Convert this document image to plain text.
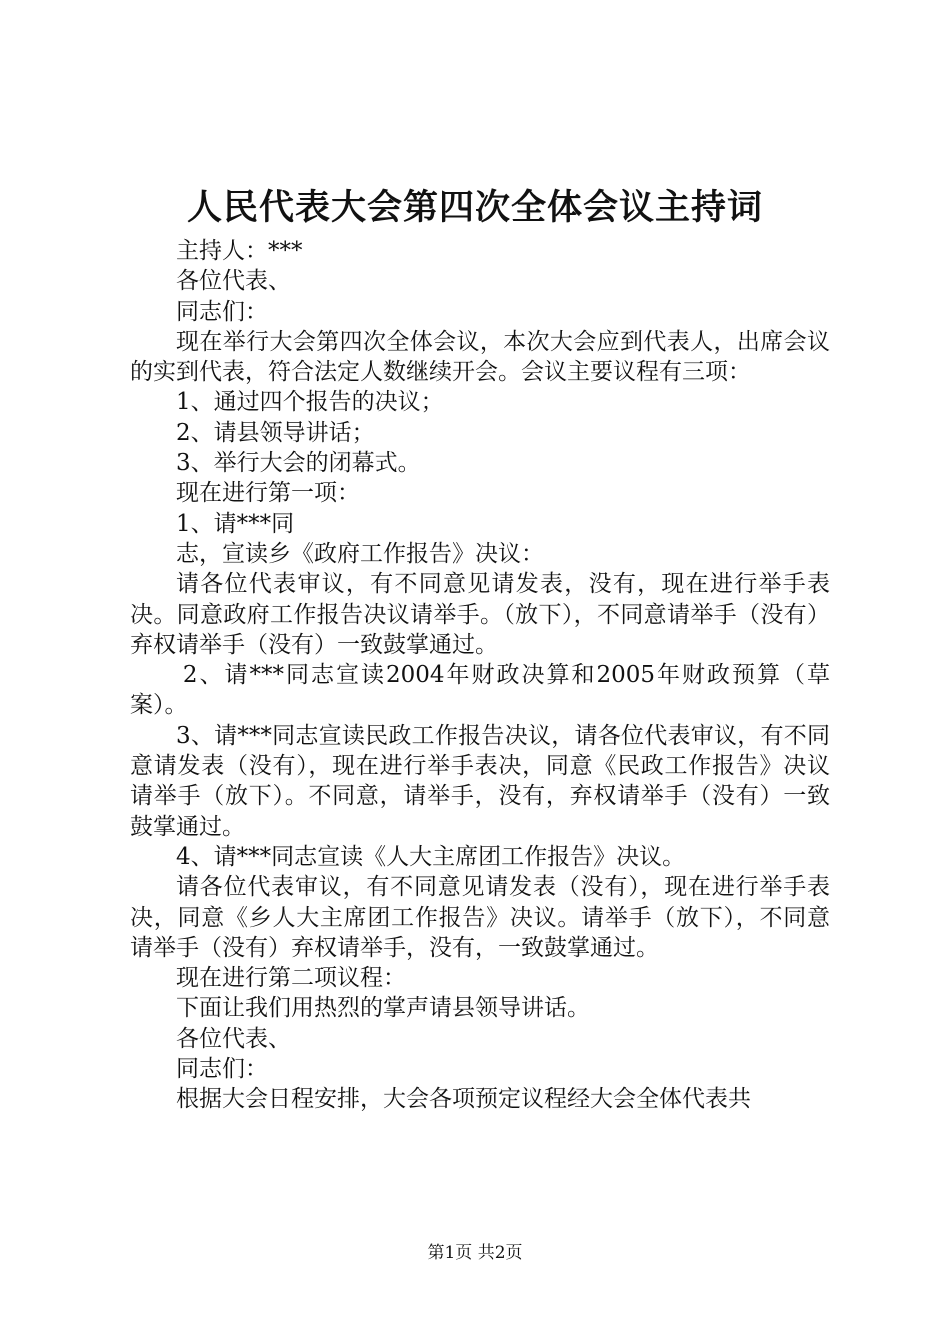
人民代表大会第四次全体会议主持词

主持人：***

各位代表、

同志们：

现在举行大会第四次全体会议，本次大会应到代表人，出席会议的实到代表，符合法定人数继续开会。会议主要议程有三项：

1、通过四个报告的决议；

2、请县领导讲话；

3、举行大会的闭幕式。

现在进行第一项：

1、请***同

志，宣读乡《政府工作报告》决议：

请各位代表审议，有不同意见请发表，没有，现在进行举手表决。同意政府工作报告决议请举手。（放下），不同意请举手（没有）弃权请举手（没有）一致鼓掌通过。

2、请***同志宣读2004年财政决算和2005年财政预算（草案）。

3、请***同志宣读民政工作报告决议，请各位代表审议，有不同意请发表（没有），现在进行举手表决，同意《民政工作报告》决议请举手（放下）。不同意，请举手，没有，弃权请举手（没有）一致鼓掌通过。

4、请***同志宣读《人大主席团工作报告》决议。

请各位代表审议，有不同意见请发表（没有），现在进行举手表决，同意《乡人大主席团工作报告》决议。请举手（放下），不同意请举手（没有）弃权请举手，没有，一致鼓掌通过。

现在进行第二项议程：

下面让我们用热烈的掌声请县领导讲话。

各位代表、

同志们：

根据大会日程安排，大会各项预定议程经大会全体代表共

第1页 共2页
